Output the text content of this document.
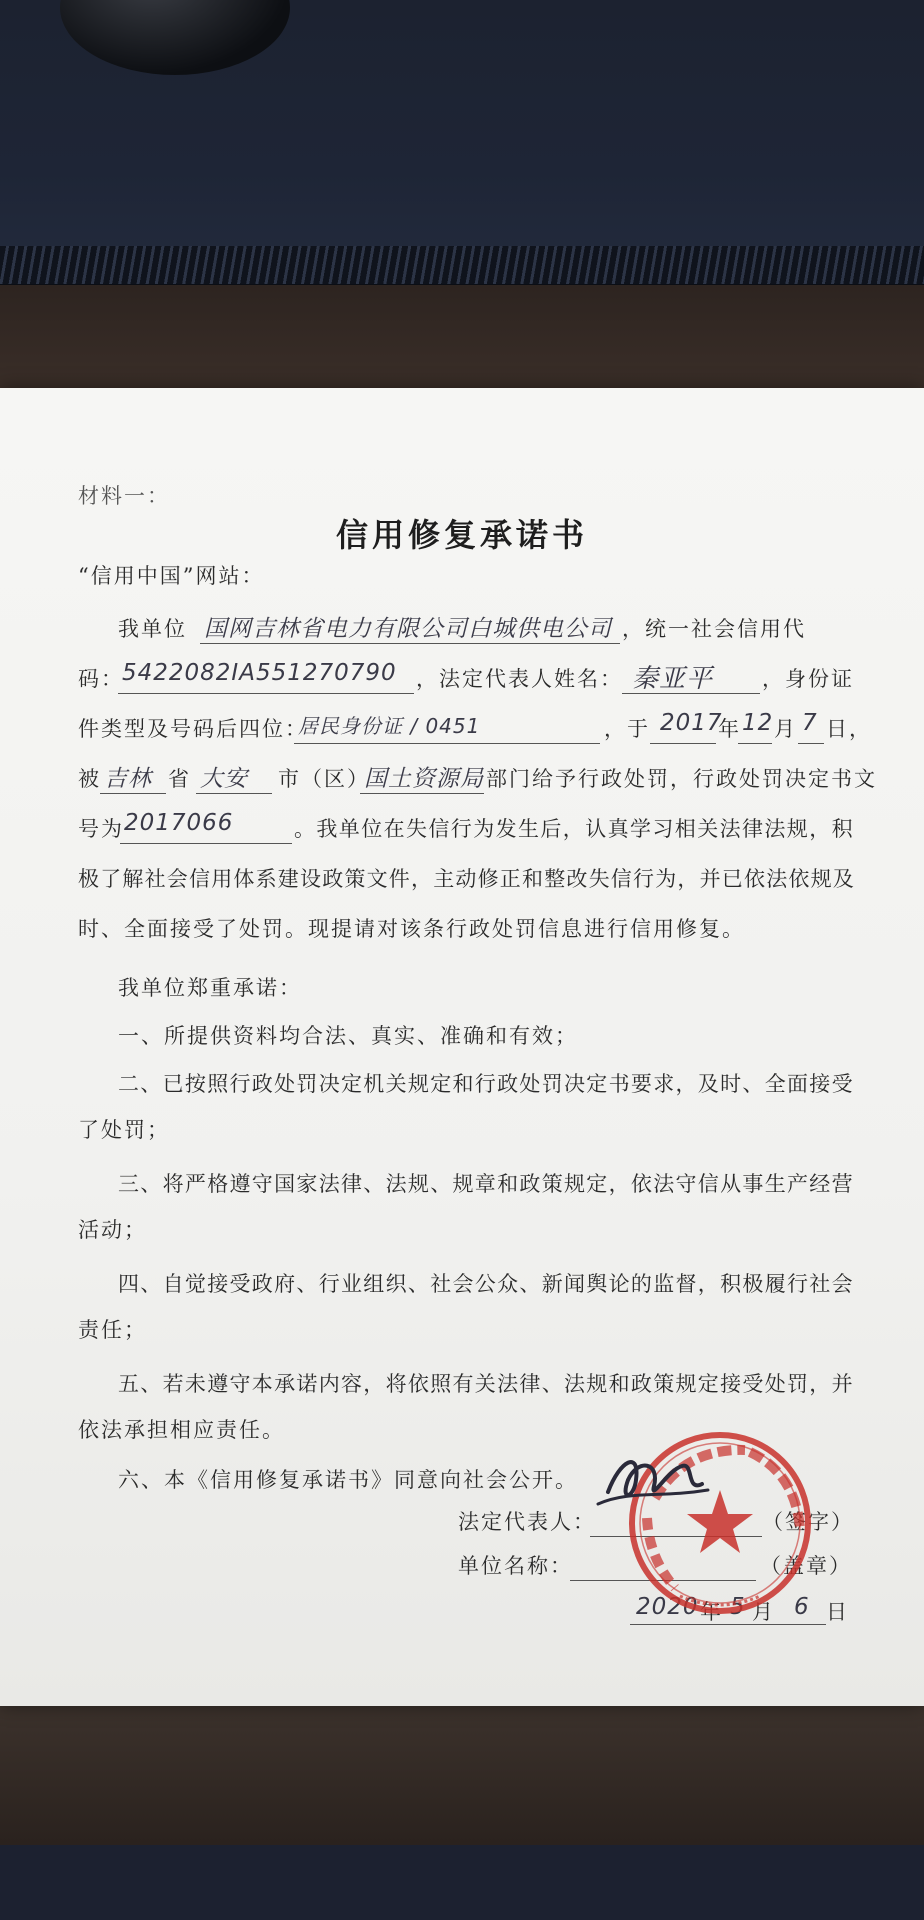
材料一：
信用修复承诺书
“信用中国”网站：
我单位 国网吉林省电力有限公司白城供电公司 ，统一社会信用代
码：
5422082IA551270790 ，法定代表人姓名： 秦亚平 ，身份证
件类型及号码后四位：
居民身份证 / 0451	，于 2017
年 12 月 7 日，
被 吉林 省 大安 市（区）
国土资源局 部门给予行政处罚，行政处罚决定书文
号为 2017066	。我单位在失信行为发生后，认真学习相关法律法规，积
极了解社会信用体系建设政策文件，主动修正和整改失信行为，并已依法依规及
时、全面接受了处罚。现提请对该条行政处罚信息进行信用修复。
我单位郑重承诺：
一、所提供资料均合法、真实、准确和有效；
二、已按照行政处罚决定机关规定和行政处罚决定书要求，及时、全面接受
了处罚；
三、将严格遵守国家法律、法规、规章和政策规定，依法守信从事生产经营
活动；
四、自觉接受政府、行业组织、社会公众、新闻舆论的监督，积极履行社会
责任；
五、若未遵守本承诺内容，将依照有关法律、法规和政策规定接受处罚，并
依法承担相应责任。
六、本《信用修复承诺书》同意向社会公开。
法定代表人：	（签字）
单位名称：	（盖章）
2020 年 5 月 6 日
